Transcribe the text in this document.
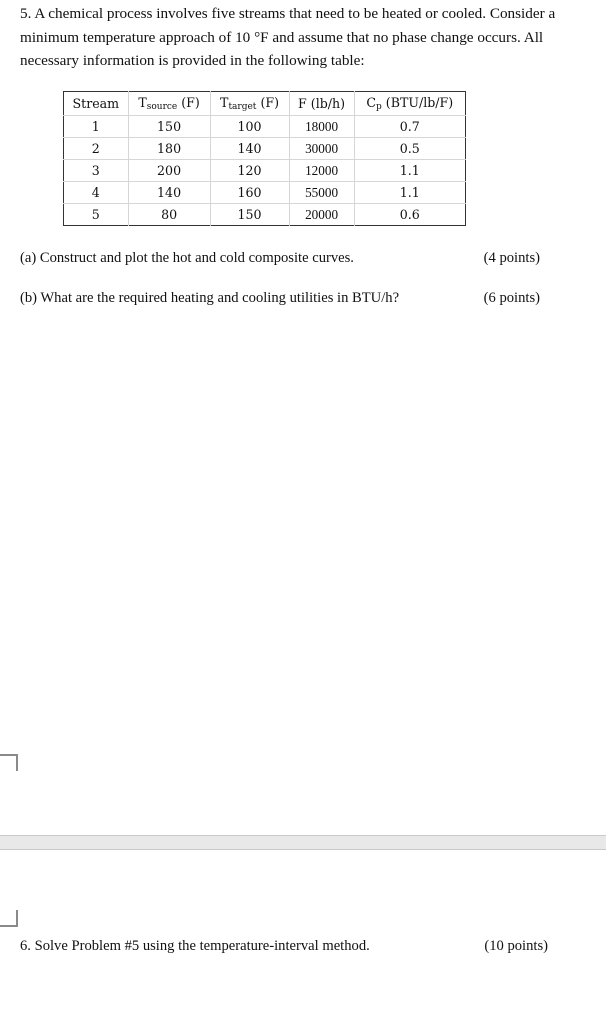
5. A chemical process involves five streams that need to be heated or cooled. Consider a minimum temperature approach of 10 °F and assume that no phase change occurs. All necessary information is provided in the following table:
Stream	$T_{source}$ (F)	$T_{target}$ (F)	F (lb/h)	$C_p$ (BTU/lb/F)
1	150	100	18000	0.7
2	180	140	30000	0.5
3	200	120	12000	1.1
4	140	160	55000	1.1
5	80	150	20000	0.6
(a) Construct and plot the hot and cold composite curves.	(4 points)
(b) What are the required heating and cooling utilities in BTU/h?	(6 points)
6. Solve Problem #5 using the temperature-interval method.	(10 points)
